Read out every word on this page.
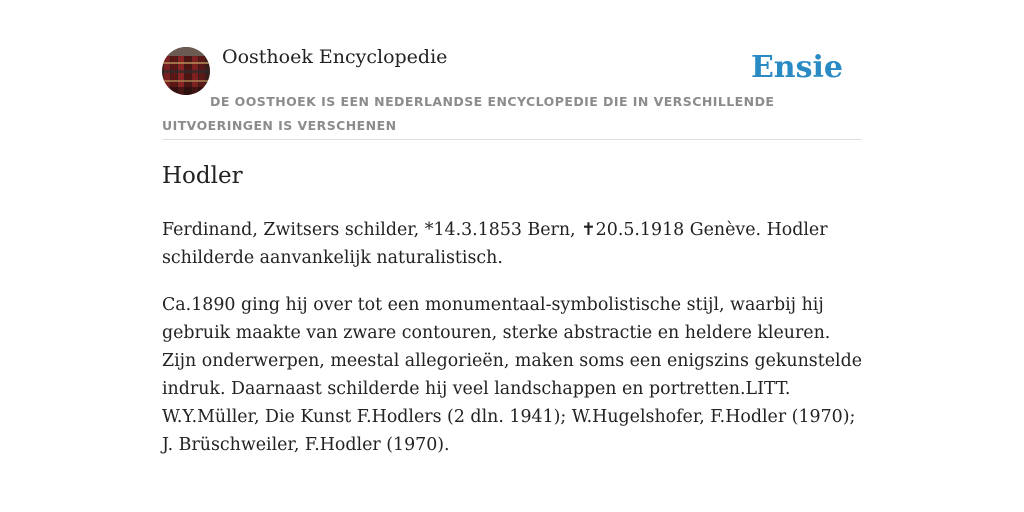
Oosthoek Encyclopedie	Ensie
DE OOSTHOEK IS EEN NEDERLANDSE ENCYCLOPEDIE DIE IN VERSCHILLENDE UITVOERINGEN IS VERSCHENEN
Hodler

Ferdinand, Zwitsers schilder, *14.3.1853 Bern, ✝20.5.1918 Genève. Hodler schilderde aanvankelijk naturalistisch.

Ca.1890 ging hij over tot een monumentaal-symbolistische stijl, waarbij hij gebruik maakte van zware contouren, sterke abstractie en heldere kleuren. Zijn onderwerpen, meestal allegorieën, maken soms een enigszins gekunstelde indruk. Daarnaast schilderde hij veel landschappen en portretten.LITT. W.Y.Müller, Die Kunst F.Hodlers (2 dln. 1941); W.Hugelshofer, F.Hodler (1970); J. Brüschweiler, F.Hodler (1970).
